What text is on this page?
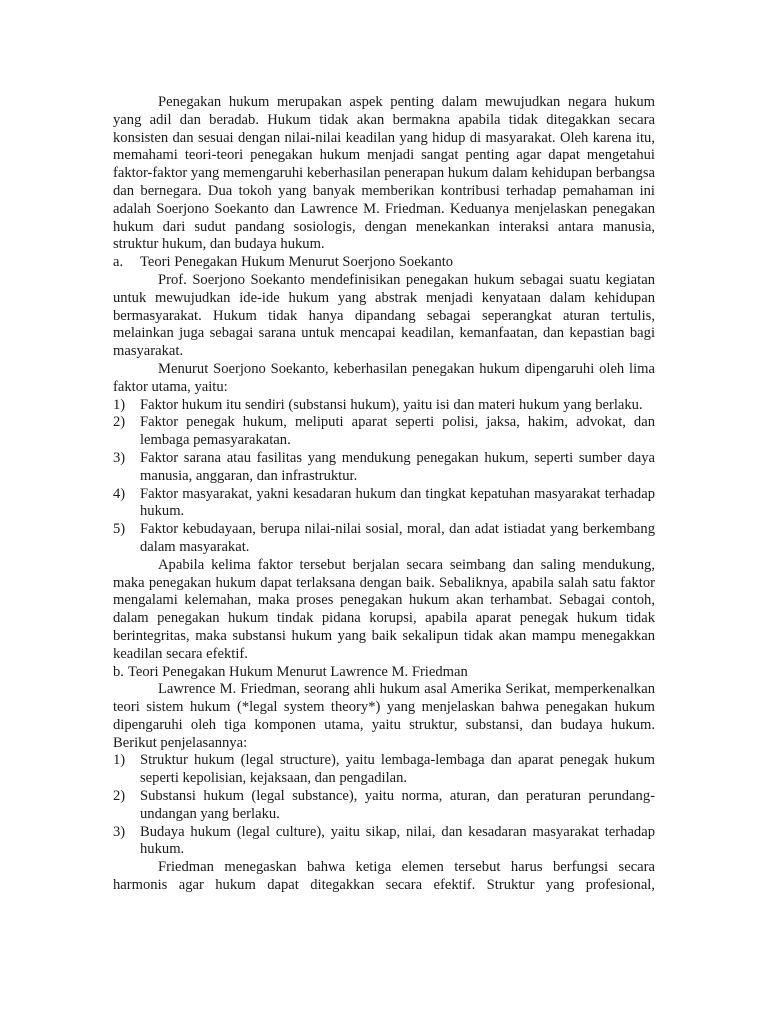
Penegakan hukum merupakan aspek penting dalam mewujudkan negara hukum yang adil dan beradab. Hukum tidak akan bermakna apabila tidak ditegakkan secara konsisten dan sesuai dengan nilai-nilai keadilan yang hidup di masyarakat. Oleh karena itu, memahami teori-teori penegakan hukum menjadi sangat penting agar dapat mengetahui faktor-faktor yang memengaruhi keberhasilan penerapan hukum dalam kehidupan berbangsa dan bernegara. Dua tokoh yang banyak memberikan kontribusi terhadap pemahaman ini adalah Soerjono Soekanto dan Lawrence M. Friedman. Keduanya menjelaskan penegakan hukum dari sudut pandang sosiologis, dengan menekankan interaksi antara manusia, struktur hukum, dan budaya hukum.

a.	Teori Penegakan Hukum Menurut Soerjono Soekanto

Prof. Soerjono Soekanto mendefinisikan penegakan hukum sebagai suatu kegiatan untuk mewujudkan ide-ide hukum yang abstrak menjadi kenyataan dalam kehidupan bermasyarakat. Hukum tidak hanya dipandang sebagai seperangkat aturan tertulis, melainkan juga sebagai sarana untuk mencapai keadilan, kemanfaatan, dan kepastian bagi masyarakat.

Menurut Soerjono Soekanto, keberhasilan penegakan hukum dipengaruhi oleh lima faktor utama, yaitu:

1)	Faktor hukum itu sendiri (substansi hukum), yaitu isi dan materi hukum yang berlaku.
2)	Faktor penegak hukum, meliputi aparat seperti polisi, jaksa, hakim, advokat, dan lembaga pemasyarakatan.
3)	Faktor sarana atau fasilitas yang mendukung penegakan hukum, seperti sumber daya manusia, anggaran, dan infrastruktur.
4)	Faktor masyarakat, yakni kesadaran hukum dan tingkat kepatuhan masyarakat terhadap hukum.
5)	Faktor kebudayaan, berupa nilai-nilai sosial, moral, dan adat istiadat yang berkembang dalam masyarakat.

Apabila kelima faktor tersebut berjalan secara seimbang dan saling mendukung, maka penegakan hukum dapat terlaksana dengan baik. Sebaliknya, apabila salah satu faktor mengalami kelemahan, maka proses penegakan hukum akan terhambat. Sebagai contoh, dalam penegakan hukum tindak pidana korupsi, apabila aparat penegak hukum tidak berintegritas, maka substansi hukum yang baik sekalipun tidak akan mampu menegakkan keadilan secara efektif.

b. Teori Penegakan Hukum Menurut Lawrence M. Friedman

Lawrence M. Friedman, seorang ahli hukum asal Amerika Serikat, memperkenalkan teori sistem hukum (*legal system theory*) yang menjelaskan bahwa penegakan hukum dipengaruhi oleh tiga komponen utama, yaitu struktur, substansi, dan budaya hukum. Berikut penjelasannya:

1)	Struktur hukum (legal structure), yaitu lembaga-lembaga dan aparat penegak hukum seperti kepolisian, kejaksaan, dan pengadilan.
2)	Substansi hukum (legal substance), yaitu norma, aturan, dan peraturan perundang-undangan yang berlaku.
3)	Budaya hukum (legal culture), yaitu sikap, nilai, dan kesadaran masyarakat terhadap hukum.

Friedman menegaskan bahwa ketiga elemen tersebut harus berfungsi secara harmonis agar hukum dapat ditegakkan secara efektif. Struktur yang profesional,
